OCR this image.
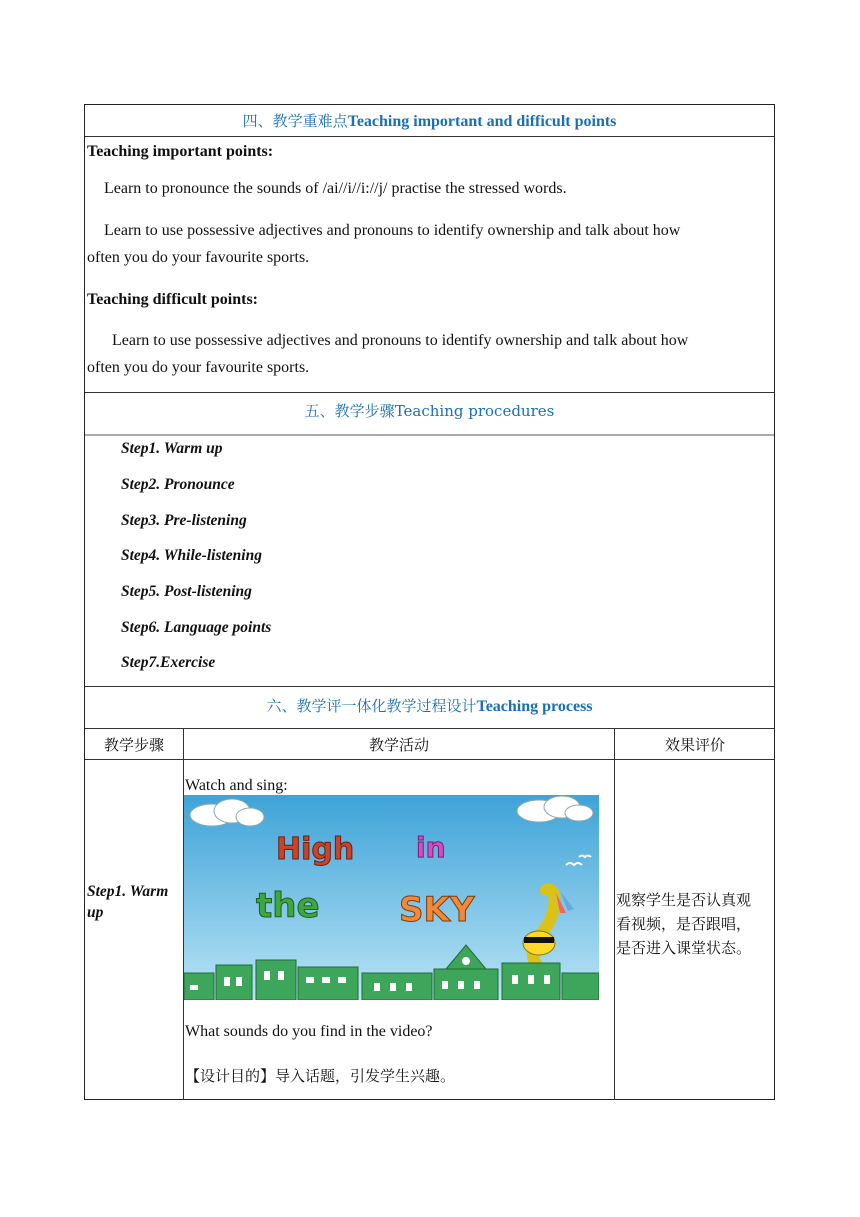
四、教学重难点Teaching important and difficult points
Teaching important points:
Learn to pronounce the sounds of /ai//i//i://j/ practise the stressed words.
Learn to use possessive adjectives and pronouns to identify ownership and talk about how
often you do your favourite sports.
Teaching difficult points:
Learn to use possessive adjectives and pronouns to identify ownership and talk about how
often you do your favourite sports.
五、教学步骤Teaching procedures
Step1. Warm up
Step2. Pronounce
Step3. Pre-listening
Step4. While-listening
Step5. Post-listening
Step6. Language points
Step7.Exercise
六、教学评一体化教学过程设计Teaching process
教学步骤	教学活动	效果评价
Step1. Warm
up
Watch and sing:
High in
the SKY
What sounds do you find in the video?
【设计目的】导入话题，引发学生兴趣。
观察学生是否认真观
看视频，是否跟唱，
是否进入课堂状态。
